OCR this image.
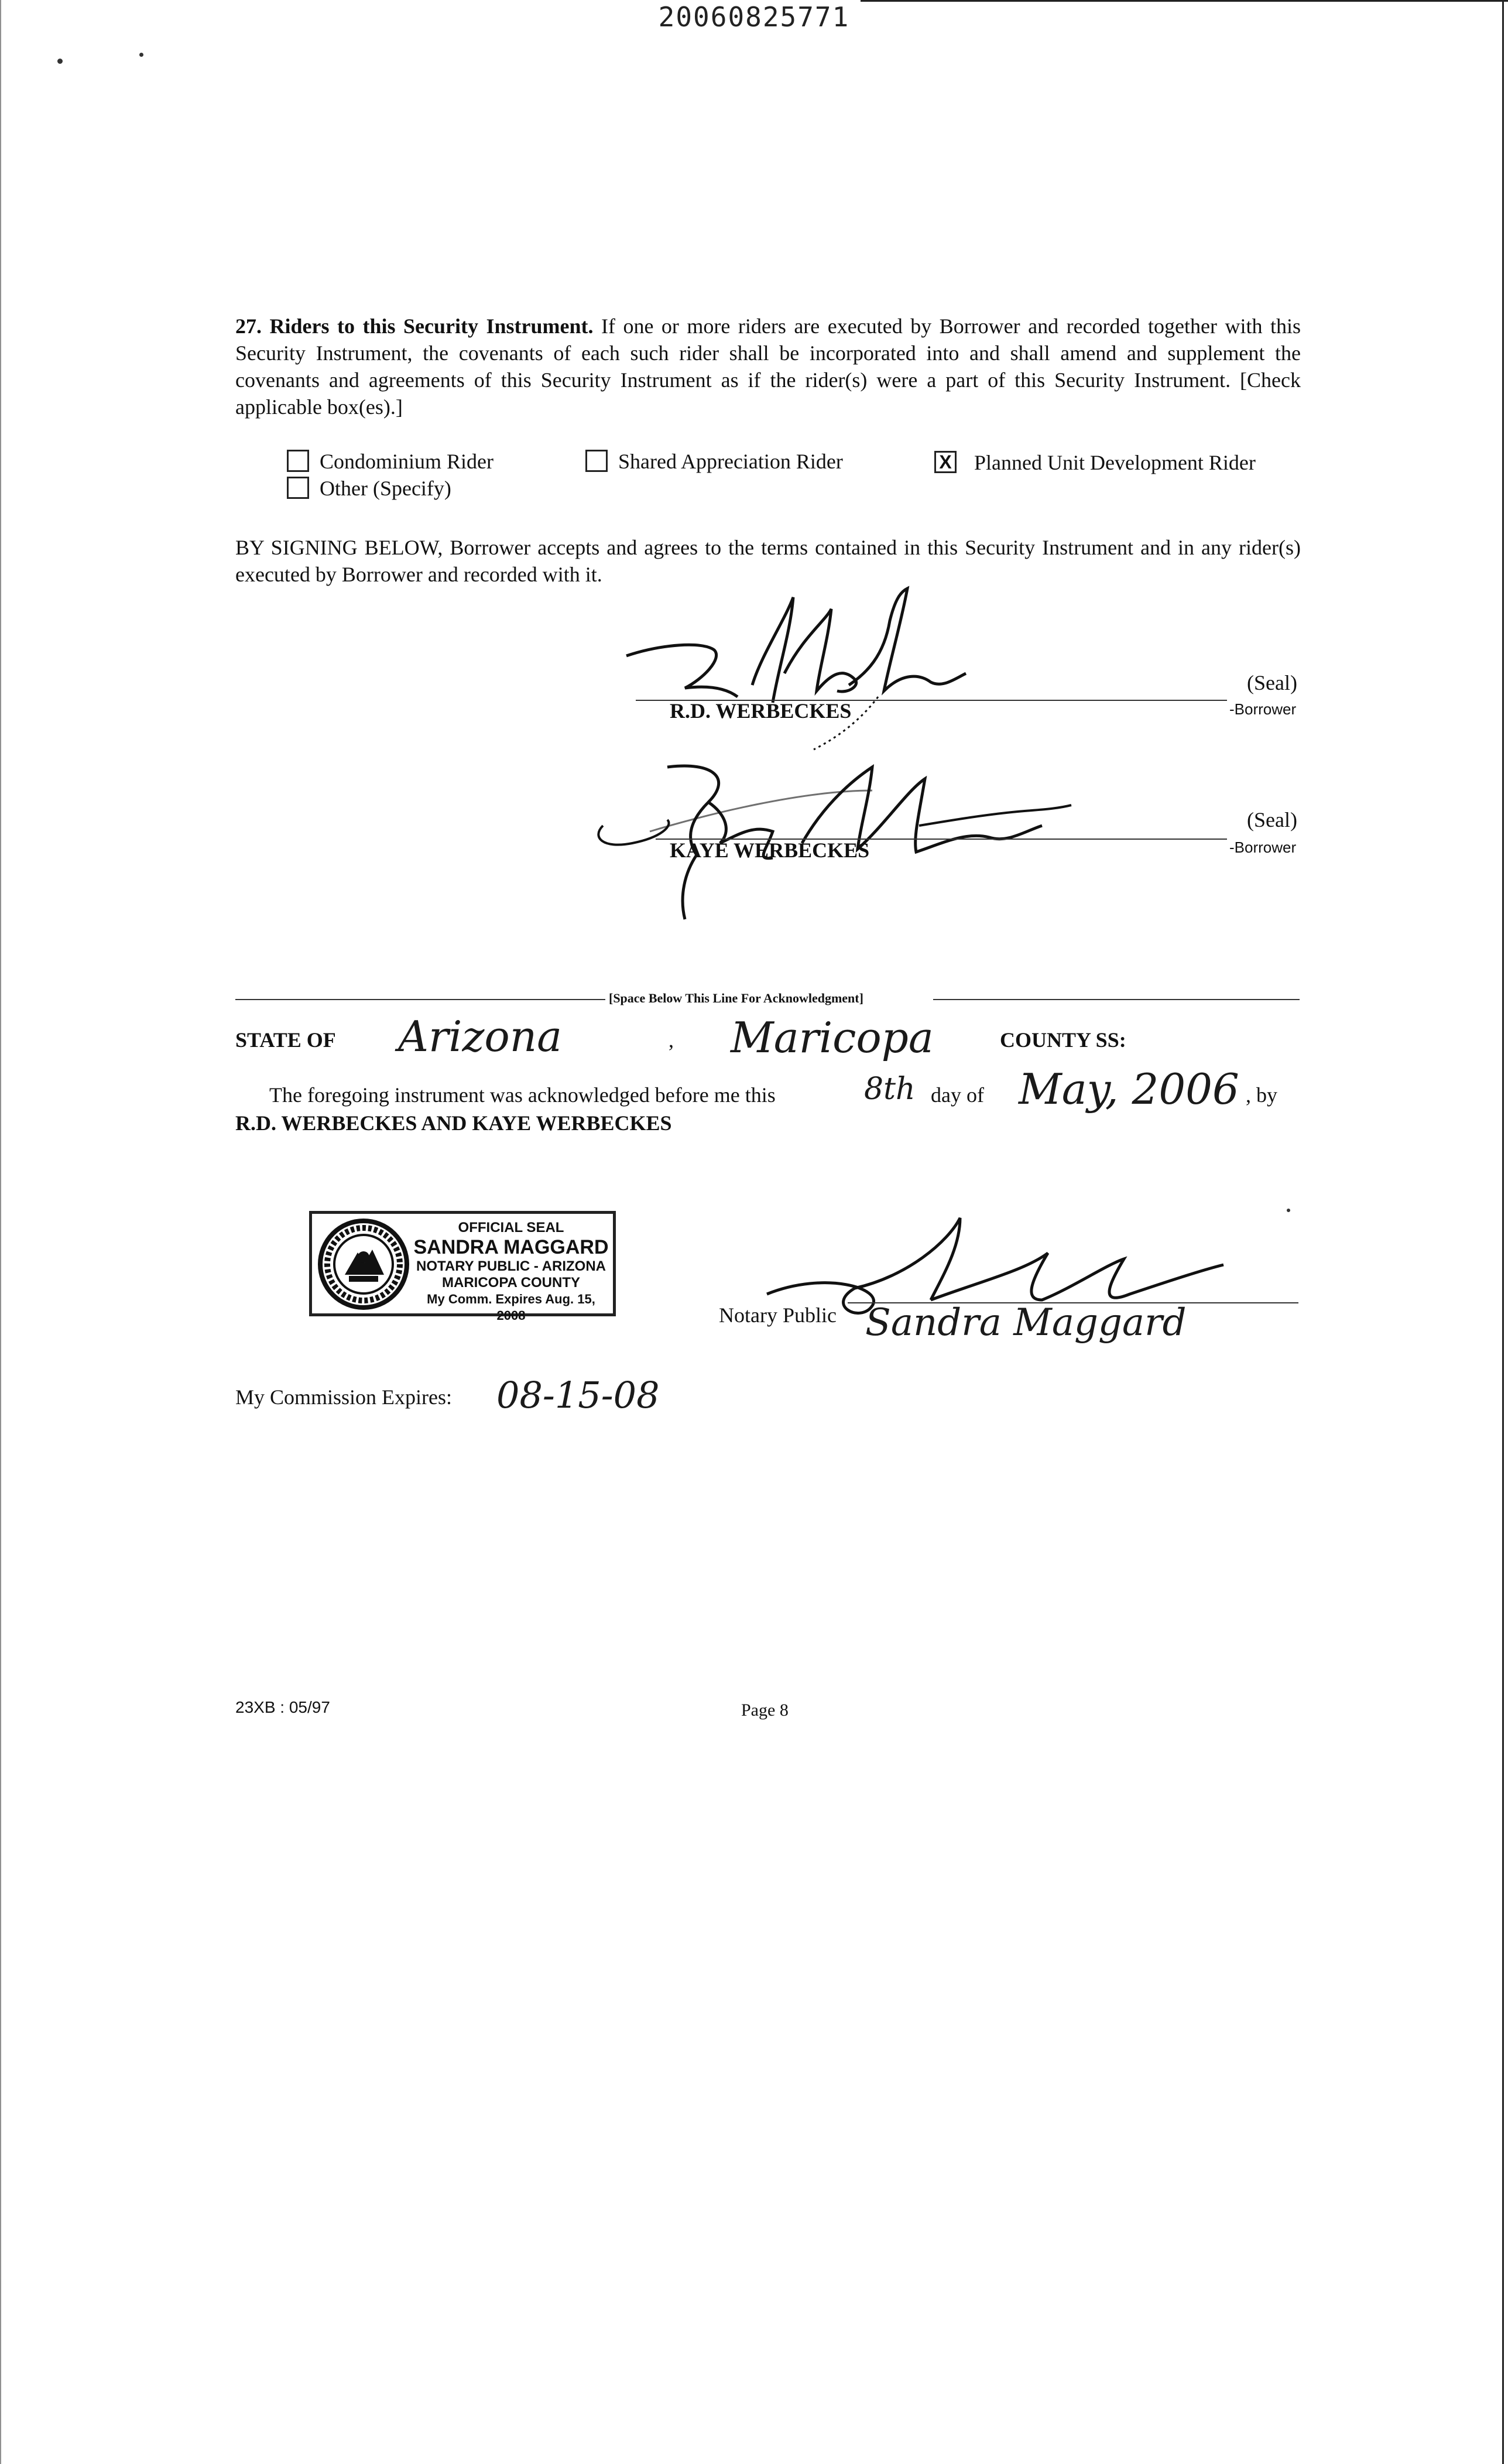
20060825771
27. Riders to this Security Instrument. If one or more riders are executed by Borrower and recorded together with this Security Instrument, the covenants of each such rider shall be incorporated into and shall amend and supplement the covenants and agreements of this Security Instrument as if the rider(s) were a part of this Security Instrument. [Check applicable box(es).]
Condominium Rider	Shared Appreciation Rider	X Planned Unit Development Rider
Other (Specify)
BY SIGNING BELOW, Borrower accepts and agrees to the terms contained in this Security Instrument and in any rider(s) executed by Borrower and recorded with it.
(Seal)
R.D. WERBECKES	-Borrower
(Seal)
KAYE WERBECKES	-Borrower
[Space Below This Line For Acknowledgment]
STATE OF Arizona	, Maricopa	COUNTY SS:
The foregoing instrument was acknowledged before me this	8th day of May, 2006 , by
R.D. WERBECKES AND KAYE WERBECKES
OFFICIAL SEAL
SANDRA MAGGARD
NOTARY PUBLIC - ARIZONA
MARICOPA COUNTY
My Comm. Expires Aug. 15, 2008	Notary Public Sandra Maggard
My Commission Expires: 08-15-08
23XB : 05/97	Page 8
